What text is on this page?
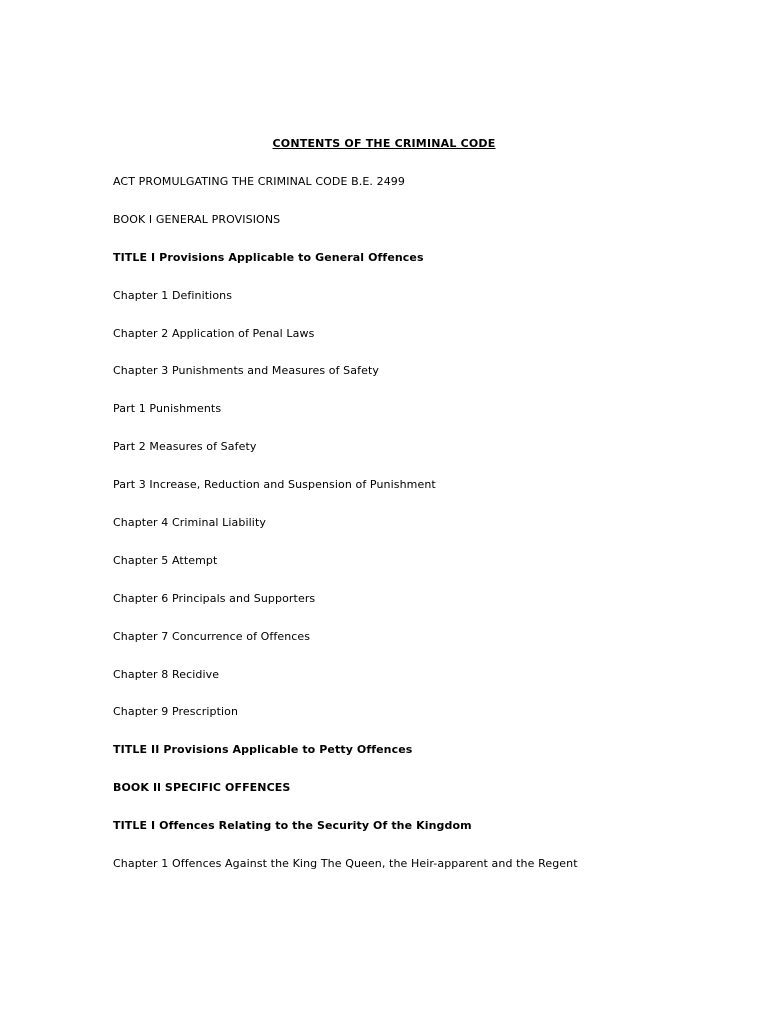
CONTENTS OF THE CRIMINAL CODE
ACT PROMULGATING THE CRIMINAL CODE B.E. 2499
BOOK I GENERAL PROVISIONS
TITLE I Provisions Applicable to General Offences
Chapter 1 Definitions
Chapter 2 Application of Penal Laws
Chapter 3 Punishments and Measures of Safety
Part 1 Punishments
Part 2 Measures of Safety
Part 3 Increase, Reduction and Suspension of Punishment
Chapter 4 Criminal Liability
Chapter 5 Attempt
Chapter 6 Principals and Supporters
Chapter 7 Concurrence of Offences
Chapter 8 Recidive
Chapter 9 Prescription
TITLE II Provisions Applicable to Petty Offences
BOOK Il SPECIFIC OFFENCES
TITLE I Offences Relating to the Security Of the Kingdom
Chapter 1 Offences Against the King The Queen, the Heir-apparent and the Regent
